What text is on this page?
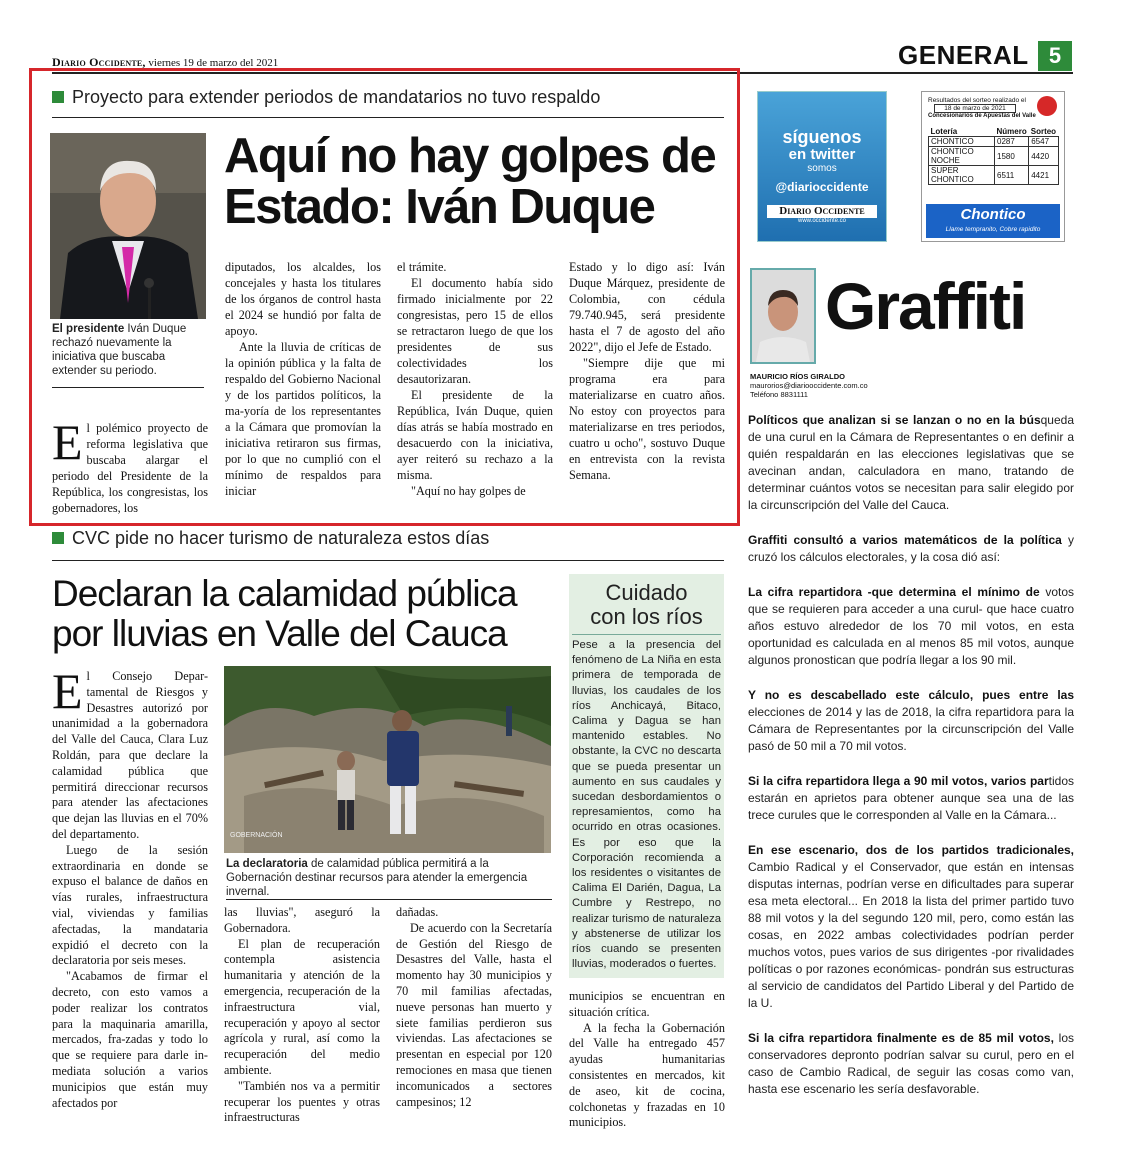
Diario Occidente, viernes 19 de marzo del 2021	GENERAL 5
Proyecto para extender periodos de mandatarios no tuvo respaldo
El presidente Iván Duque rechazó nuevamente la iniciativa que buscaba extender su periodo.
Aquí no hay golpes de
Estado: Iván Duque

El polémico proyecto de reforma legislativa que buscaba alargar el periodo del Presidente de la República, los congresistas, los gobernadores, los

diputados, los alcaldes, los concejales y hasta los titulares de los órganos de control hasta el 2024 se hundió por falta de apoyo.

Ante la lluvia de críticas de la opinión pública y la falta de respaldo del Gobierno Nacional y de los partidos políticos, la ma-yoría de los representantes a la Cámara que promovían la iniciativa retiraron sus firmas, por lo que no cumplió con el mínimo de respaldos para iniciar

el trámite.

El documento había sido firmado inicialmente por 22 congresistas, pero 15 de ellos se retractaron luego de que los presidentes de sus colectividades los desautorizaran.

El presidente de la República, Iván Duque, quien días atrás se había mostrado en desacuerdo con la iniciativa, ayer reiteró su rechazo a la misma.

"Aquí no hay golpes de

Estado y lo digo así: Iván Duque Márquez, presidente de Colombia, con cédula 79.740.945, será presidente hasta el 7 de agosto del año 2022", dijo el Jefe de Estado.

"Siempre dije que mi programa era para materializarse en cuatro años. No estoy con proyectos para materializarse en tres periodos, cuatro u ocho", sostuvo Duque en entrevista con la revista Semana.

CVC pide no hacer turismo de naturaleza estos días
Declaran la calamidad pública
por lluvias en Valle del Cauca
Cuidado
con los ríos
Pese a la presencia del fenómeno de La Niña en esta primera de temporada de lluvias, los caudales de los ríos Anchicayá, Bitaco, Calima y Dagua se han mantenido estables. No obstante, la CVC no descarta que se pueda presentar un aumento en sus caudales y sucedan desbordamientos o represamientos, como ha ocurrido en otras ocasiones. Es por eso que la Corporación recomienda a los residentes o visitantes de Calima El Darién, Dagua, La Cumbre y Restrepo, no realizar turismo de naturaleza y abstenerse de utilizar los ríos cuando se presenten lluvias, moderados o fuertes.

El Consejo Depar-tamental de Riesgos y Desastres autorizó por unanimidad a la gobernadora del Valle del Cauca, Clara Luz Roldán, para que declare la calamidad pública que permitirá direccionar recursos para atender las afectaciones que dejan las lluvias en el 70% del departamento.

Luego de la sesión extraordinaria en donde se expuso el balance de daños en vías rurales, infraestructura vial, viviendas y familias afectadas, la mandataria expidió el decreto con la declaratoria por seis meses.

"Acabamos de firmar el decreto, con esto vamos a poder realizar los contratos para la maquinaria amarilla, mercados, fra-zadas y todo lo que se requiere para darle in-mediata solución a varios municipios que están muy afectados por

GOBERNACIÓN
La declaratoria de calamidad pública permitirá a la Gobernación destinar recursos para atender la emergencia invernal.

las lluvias", aseguró la Gobernadora.

El plan de recuperación contempla asistencia humanitaria y atención de la emergencia, recuperación de la infraestructura vial, recuperación y apoyo al sector agrícola y rural, así como la recuperación del medio ambiente.

"También nos va a permitir recuperar los puentes y otras infraestructuras

dañadas.

De acuerdo con la Secretaría de Gestión del Riesgo de Desastres del Valle, hasta el momento hay 30 municipios y 70 mil familias afectadas, nueve personas han muerto y siete familias perdieron sus viviendas. Las afectaciones se presentan en especial por 120 remociones en masa que tienen incomunicados a sectores campesinos; 12

municipios se encuentran en situación crítica.

A la fecha la Gobernación del Valle ha entregado 457 ayudas humanitarias consistentes en mercados, kit de aseo, kit de cocina, colchonetas y frazadas en 10 municipios.

síguenos
en twitter
somos
@diarioccidente
Diario Occidente
www.occidente.co
Resultados del sorteo realizado el
18 de marzo de 2021
Concesionarios de Apuestas del Valle
Lotería	Número	Sorteo
CHONTICO	0287	6547
CHONTICO NOCHE	1580	4420
SUPER CHONTICO	6511	4421
Chontico
Llame tempranito, Cobre rapidito
Graffiti
MAURICIO RÍOS GIRALDO
maurorios@diariooccidente.com.co
Teléfono 8831111

Políticos que analizan si se lanzan o no en la búsqueda de una curul en la Cámara de Representantes o en definir a quién respaldarán en las elecciones legislativas que se avecinan andan, calculadora en mano, tratando de determinar cuántos votos se necesitan para salir elegido por la circunscripción del Valle del Cauca.

Graffiti consultó a varios matemáticos de la política y cruzó los cálculos electorales, y la cosa dió así:

La cifra repartidora -que determina el mínimo de votos que se requieren para acceder a una curul- que hace cuatro años estuvo alrededor de los 70 mil votos, en esta oportunidad es calculada en al menos 85 mil votos, aunque algunos pronostican que podría llegar a los 90 mil.

Y no es descabellado este cálculo, pues entre las elecciones de 2014 y las de 2018, la cifra repartidora para la Cámara de Representantes por la circunscripción del Valle pasó de 50 mil a 70 mil votos.

Si la cifra repartidora llega a 90 mil votos, varios partidos estarán en aprietos para obtener aunque sea una de las trece curules que le corresponden al Valle en la Cámara...

En ese escenario, dos de los partidos tradicionales, Cambio Radical y el Conservador, que están en intensas disputas internas, podrían verse en dificultades para superar esa meta electoral... En 2018 la lista del primer partido tuvo 88 mil votos y la del segundo 120 mil, pero, como están las cosas, en 2022 ambas colectividades podrían perder muchos votos, pues varios de sus dirigentes -por rivalidades políticas o por razones económicas- pondrán sus estructuras al servicio de candidatos del Partido Liberal y del Partido de la U.

Si la cifra repartidora finalmente es de 85 mil votos, los conservadores depronto podrían salvar su curul, pero en el caso de Cambio Radical, de seguir las cosas como van, hasta ese escenario les sería desfavorable.
